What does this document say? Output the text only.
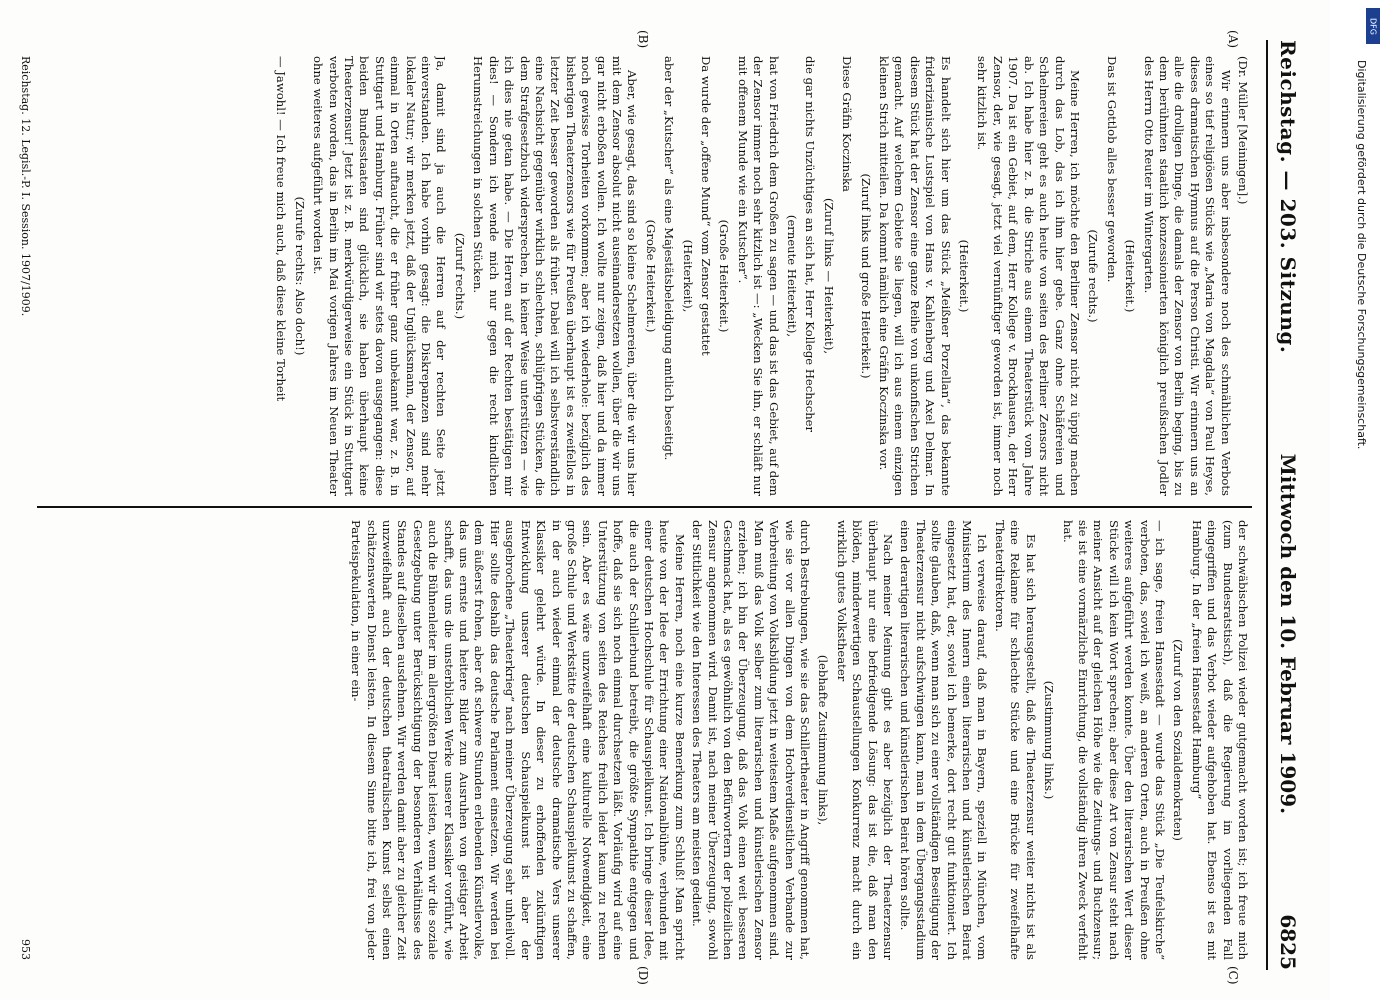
Reichstag. — 203. Sitzung.
Mittwoch den 10. Februar 1909.
6825
(A)
(B)
(C)
(D)

(Dr. Müller [Meiningen].)

Wir erinnern uns aber insbesondere noch des schmählichen Verbots eines so tief religiösen Stücks wie „Maria von Magdala“ von Paul Heyse, dieses dramatischen Hymnus auf die Person Christi. Wir erinnern uns an alle die drolligen Dinge, die damals der Zensor von Berlin beging, bis zu dem berühmten staatlich konzessionierten königlich preußischen Jodler des Herrn Otto Reuter im Wintergarten.

(Heiterkeit.)

Das ist Gottlob alles besser geworden.

(Zurufe rechts.)

Meine Herren, ich möchte den Berliner Zensor nicht zu üppig machen durch das Lob, das ich ihm hier gebe. Ganz ohne Schäfereien und Schelmereien geht es auch heute von seiten des Berliner Zensors nicht ab. Ich habe hier z. B. die Striche aus einem Theaterstück vom Jahre 1907. Da ist ein Gebiet, auf dem, Herr Kollege v. Brockhausen, der Herr Zensor, der, wie gesagt, jetzt viel vernünftiger geworden ist, immer noch sehr kitzlich ist.

(Heiterkeit.)

Es handelt sich hier um das Stück „Meißner Porzellan“, das bekannte friderizianische Lustspiel von Hans v. Kahlenberg und Axel Delmar. In diesem Stück hat der Zensor eine ganze Reihe von unkonfischen Strichen gemacht. Auf welchem Gebiete sie liegen, will ich aus einem einzigen kleinen Strich mitteilen. Da kommt nämlich eine Gräfin Koczinska vor.

(Zuruf links und große Heiterkeit.)

Diese Gräfin Koczinska

(Zuruf links — Heiterkeit),

die gar nichts Unzüchtiges an sich hat, Herr Kollege Hechscher

(erneute Heiterkeit),

hat von Friedrich dem Großen zu sagen — und das ist das Gebiet, auf dem der Zensor immer noch sehr kitzlich ist —: „Wecken Sie ihn, er schläft nur mit offenem Munde wie ein Kutscher“.

(Große Heiterkeit.)

Da wurde der „offene Mund“ vom Zensor gestattet

(Heiterkeit),

aber der „Kutscher“ als eine Majestätsbeleidigung amtlich beseitigt.

(Große Heiterkeit.)

Aber, wie gesagt, das sind so kleine Schelmereien, über die wir uns hier mit dem Zensor absolut nicht auseinandersetzen wollen, über die wir uns gar nicht erboßen wollen. Ich wollte nur zeigen, daß hier und da immer noch gewisse Torheiten vorkommen; aber ich wiederhole: bezüglich des bisherigen Theaterzensors wie für Preußen überhaupt ist es zweifellos in letzter Zeit besser geworden als früher. Dabei will ich selbstverständlich eine Nachsicht gegenüber wirklich schlechten, schlüpfrigen Stücken, die dem Strafgesetzbuch widersprechen, in keiner Weise unterstützen — wie ich dies nie getan habe. — Die Herren auf der Rechten bestätigen mir dies! — Sondern ich wende mich nur gegen die recht kindlichen Herumstreichungen in solchen Stücken.

(Zuruf rechts.)

Ja, damit sind ja auch die Herren auf der rechten Seite jetzt einverstanden. Ich habe vorhin gesagt: die Diskrepanzen sind mehr lokaler Natur; wir merken jetzt, daß der Unglücksmann, der Zensor, auf einmal in Orten auftaucht, die er früher ganz unbekannt war, z. B. in Stuttgart und Hamburg. Früher sind wir stets davon ausgegangen: diese beiden Bundesstaaten sind glücklich, sie haben überhaupt keine Theaterzensur! Jetzt ist z. B. merkwürdigerweise ein Stück in Stuttgart verboten worden, das in Berlin im Mai vorigen Jahres im Neuen Theater ohne weiteres aufgeführt worden ist.

(Zurufe rechts: Also doch!)

— Jawohl! — Ich freue mich auch, daß diese kleine Torheit

der schwäbischen Polizei wieder gutgemacht worden ist; ich freue mich (zum Bundesratstisch), daß die Regierung im vorliegenden Fall eingegriffen und das Verbot wieder aufgehoben hat. Ebenso ist es mit Hamburg. In der „freien Hansestadt Hamburg“

(Zuruf von den Sozialdemokraten)

— ich sage, freien Hansestadt — wurde das Stück „Die Teufelskirche“ verboten, das, soviel ich weiß, an anderen Orten, auch in Preußen ohne weiteres aufgeführt werden konnte. Über den literarischen Wert dieser Stücke will ich kein Wort sprechen; aber diese Art von Zensur steht nach meiner Ansicht auf der gleichen Höhe wie die Zeitungs- und Buchzensur; sie ist eine vormärzliche Einrichtung, die vollständig ihren Zweck verfehlt hat.

(Zustimmung links.)

Es hat sich herausgestellt, daß die Theaterzensur weiter nichts ist als eine Reklame für schlechte Stücke und eine Brücke für zweifelhafte Theaterdirektoren.

Ich verweise darauf, daß man in Bayern, speziell in München, vom Ministerium des Innern einen literarischen und künstlerischen Beirat eingesetzt hat, der, soviel ich bemerke, dort recht gut funktioniert. Ich sollte glauben, daß, wenn man sich zu einer vollständigen Beseitigung der Theaterzensur nicht aufschwingen kann, man in dem Übergangsstadium einen derartigen literarischen und künstlerischen Beirat hören sollte.

Nach meiner Meinung gibt es aber bezüglich der Theaterzensur überhaupt nur eine befriedigende Lösung: das ist die, daß man den blöden, minderwertigen Schaustellungen Konkurrenz macht durch ein wirklich gutes Volkstheater

(lebhafte Zustimmung links),

durch Bestrebungen, wie sie das Schillertheater in Angriff genommen hat, wie sie vor allen Dingen von dem Hochverdienstlichen Verbande zur Verbreitung von Volksbildung jetzt in weitestem Maße aufgenommen sind. Man muß das Volk selber zum literarischen und künstlerischen Zensor erziehen; ich bin der Überzeugung, daß das Volk einen weit besseren Geschmack hat, als es gewöhnlich von den Befürwortern der polizeilichen Zensur angenommen wird. Damit ist, nach meiner Überzeugung, sowohl der Sittlichkeit wie den Interessen des Theaters am meisten gedient.

Meine Herren, noch eine kurze Bemerkung zum Schluß! Man spricht heute von der Idee der Errichtung einer Nationalbühne, verbunden mit einer deutschen Hochschule für Schauspielkunst. Ich bringe dieser Idee, die auch der Schillerbund betreibt, die größte Sympathie entgegen und hoffe, daß sie sich noch einmal durchsetzen läßt. Vorläufig wird auf eine Unterstützung von seiten des Reiches freilich leider kaum zu rechnen sein. Aber es wäre unzweifelhaft eine kulturelle Notwendigkeit, eine große Schule und Werkstätte der deutschen Schauspielkunst zu schaffen, in der auch wieder einmal der deutsche dramatische Vers unserer Klassiker gelehrt würde. In dieser zu erhoffenden zukünftigen Entwicklung unserer deutschen Schauspielkunst ist aber der ausgebrochene „Theaterkrieg“ nach meiner Überzeugung sehr unheilvoll. Hier sollte deshalb das deutsche Parlament einsetzen. Wir werden bei dem äußerst frohen, aber oft schwere Stunden erlebenden Künstlervolke, das uns ernste und heitere Bilder zum Ausruhen von geistiger Arbeit schafft, das uns die unsterblichen Werke unserer Klassiker vorführt, wie auch die Bühnenleiter im allergrößten Dienst leisten, wenn wir die soziale Gesetzgebung unter Berücksichtigung der besonderen Verhältnisse des Standes auf dieselben ausdehnen. Wir werden damit aber zu gleicher Zeit unzweifelhaft auch der deutschen theatralischen Kunst selbst einen schätzenswerten Dienst leisten. In diesem Sinne bitte ich, frei von jeder Parteispekulation, in einer ein-

Reichstag. 12. Legisl.-P. I. Session. 1907/1909.
953
DFG
Digitalisierung gefördert durch die Deutsche Forschungsgemeinschaft.
